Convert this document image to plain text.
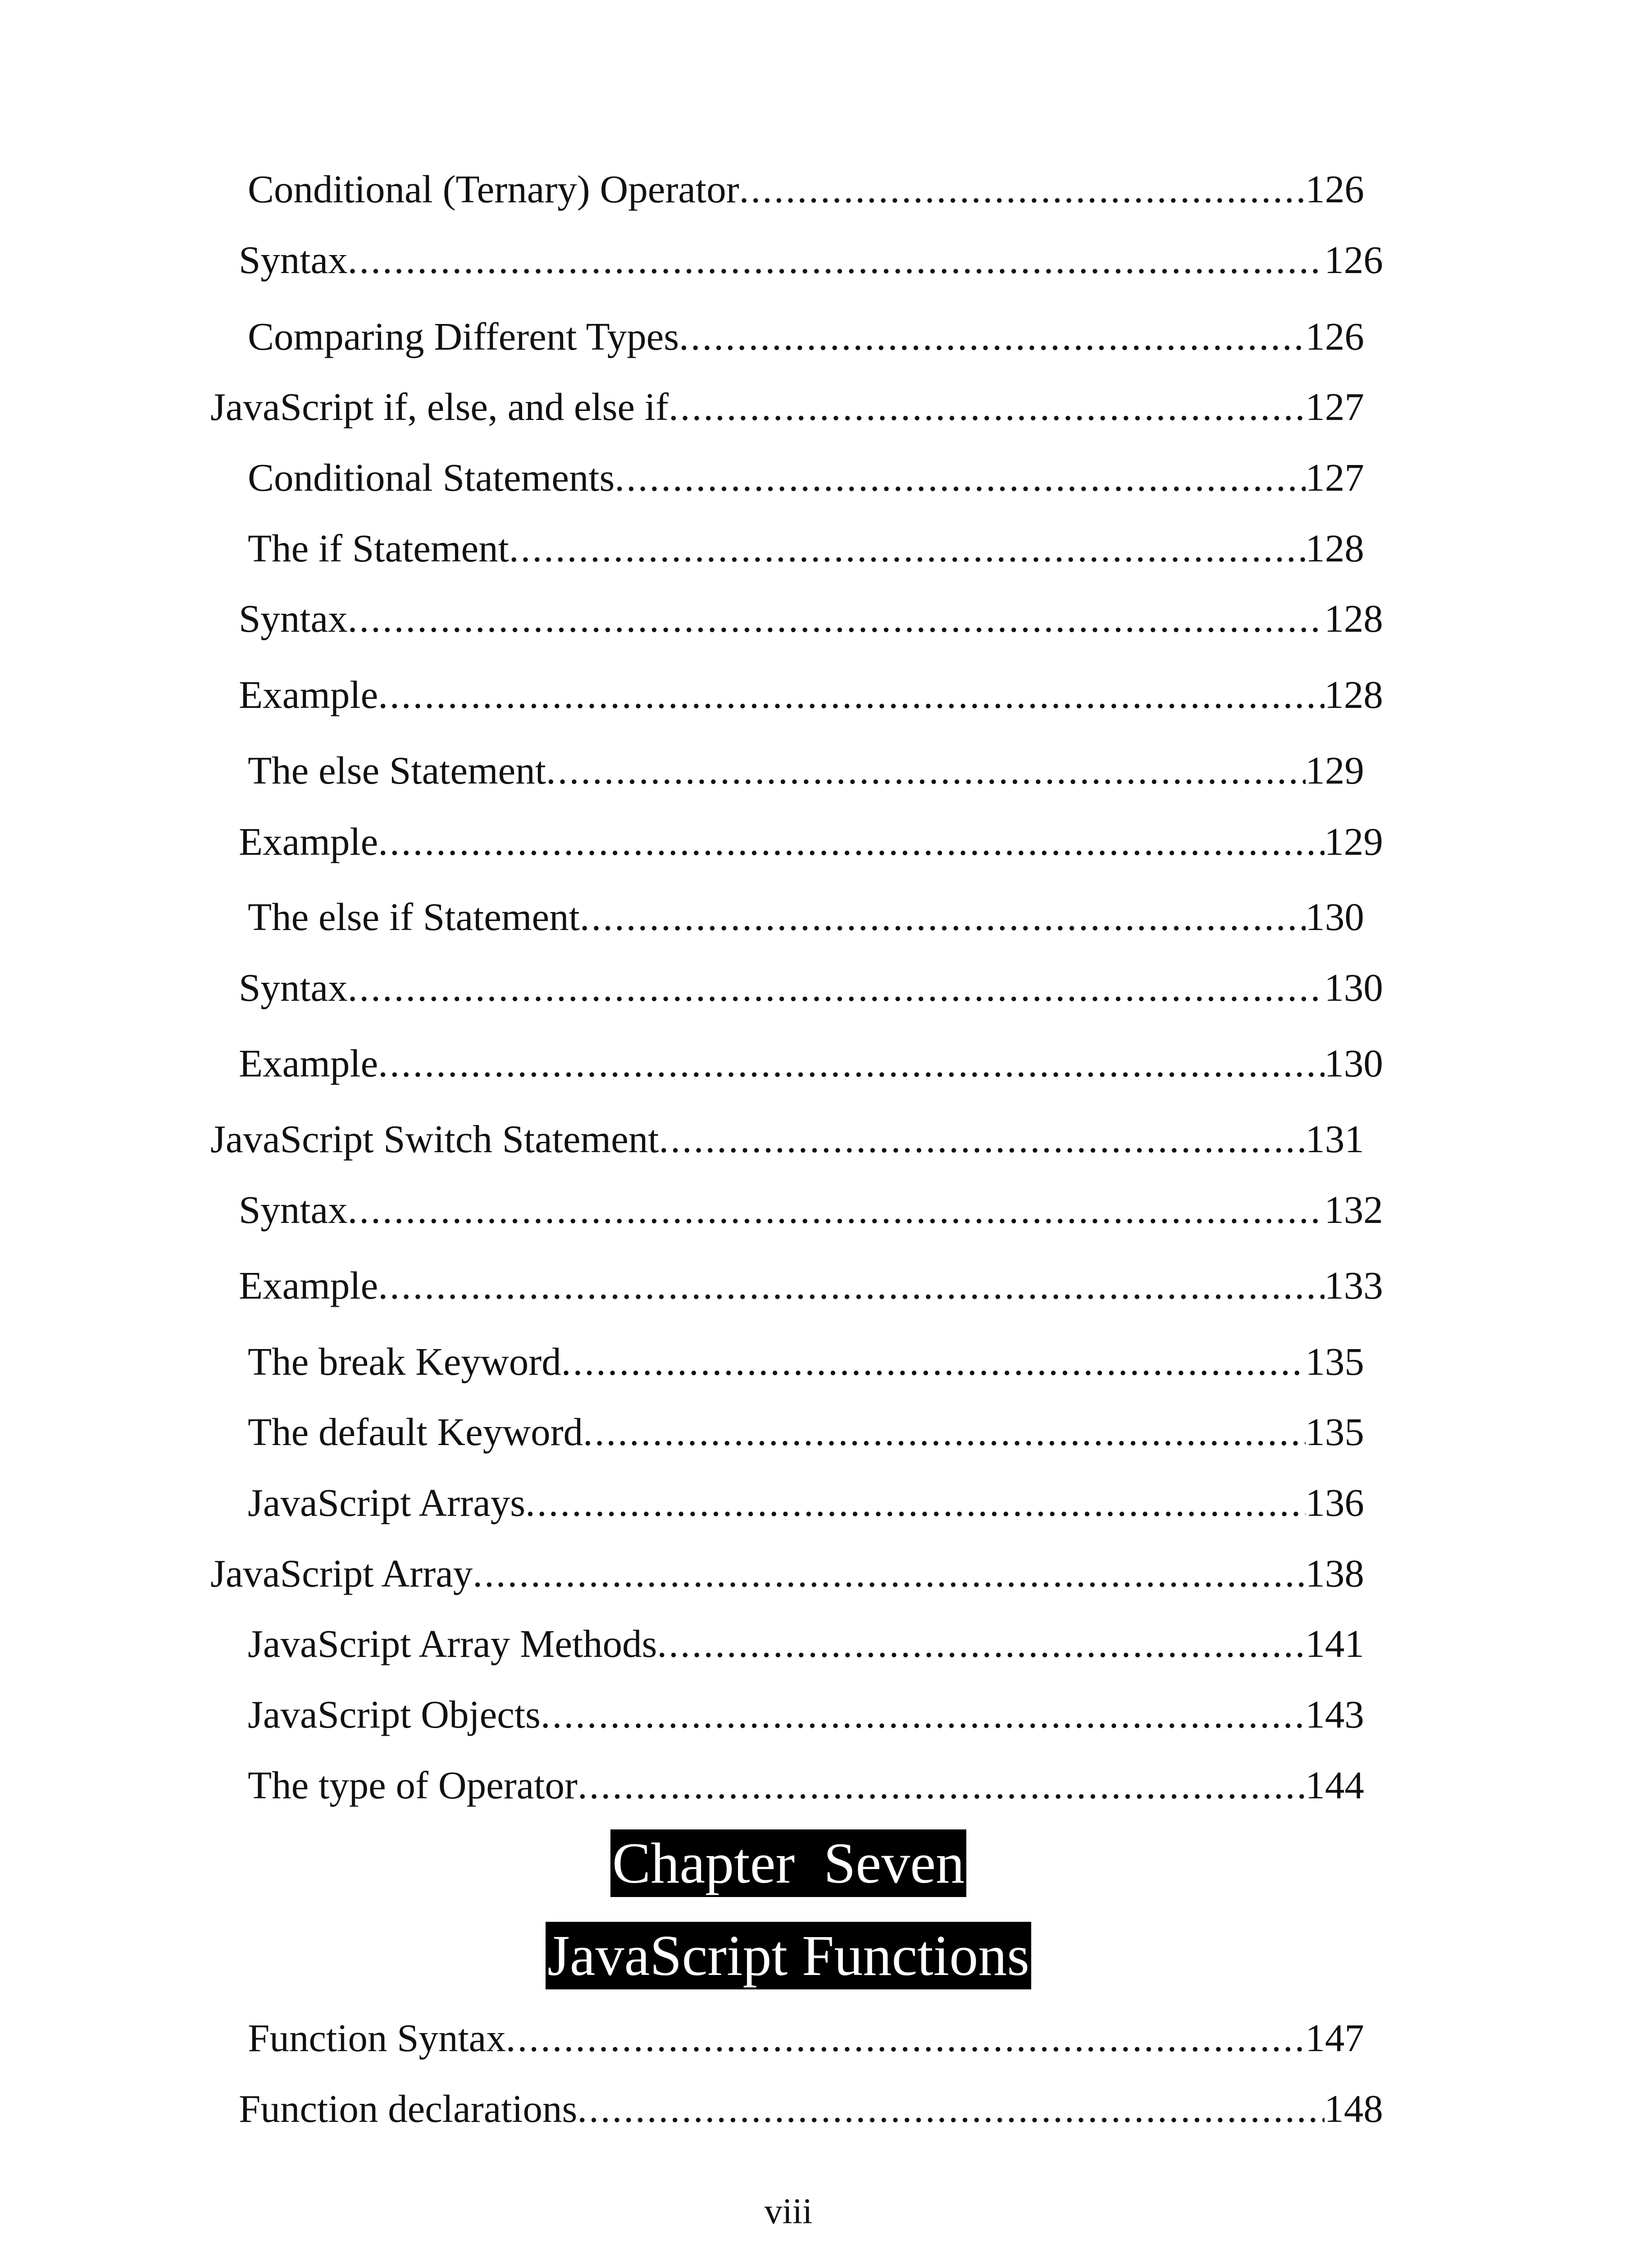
Conditional (Ternary) Operator .....	126
Syntax .....	126
Comparing Different Types .....	126
JavaScript if, else, and else if .....	127
Conditional Statements .....	127
The if Statement .....	128
Syntax .....	128
Example .....	128
The else Statement .....	129
Example .....	129
The else if Statement .....	130
Syntax .....	130
Example .....	130
JavaScript Switch Statement .....	131
Syntax .....	132
Example .....	133
The break Keyword .....	135
The default Keyword .....	135
JavaScript Arrays .....	136
JavaScript Array .....	138
JavaScript Array Methods .....	141
JavaScript Objects .....	143
The type of Operator .....	144
Chapter  Seven
JavaScript Functions
Function Syntax .....	147
Function declarations .....	148
viii
